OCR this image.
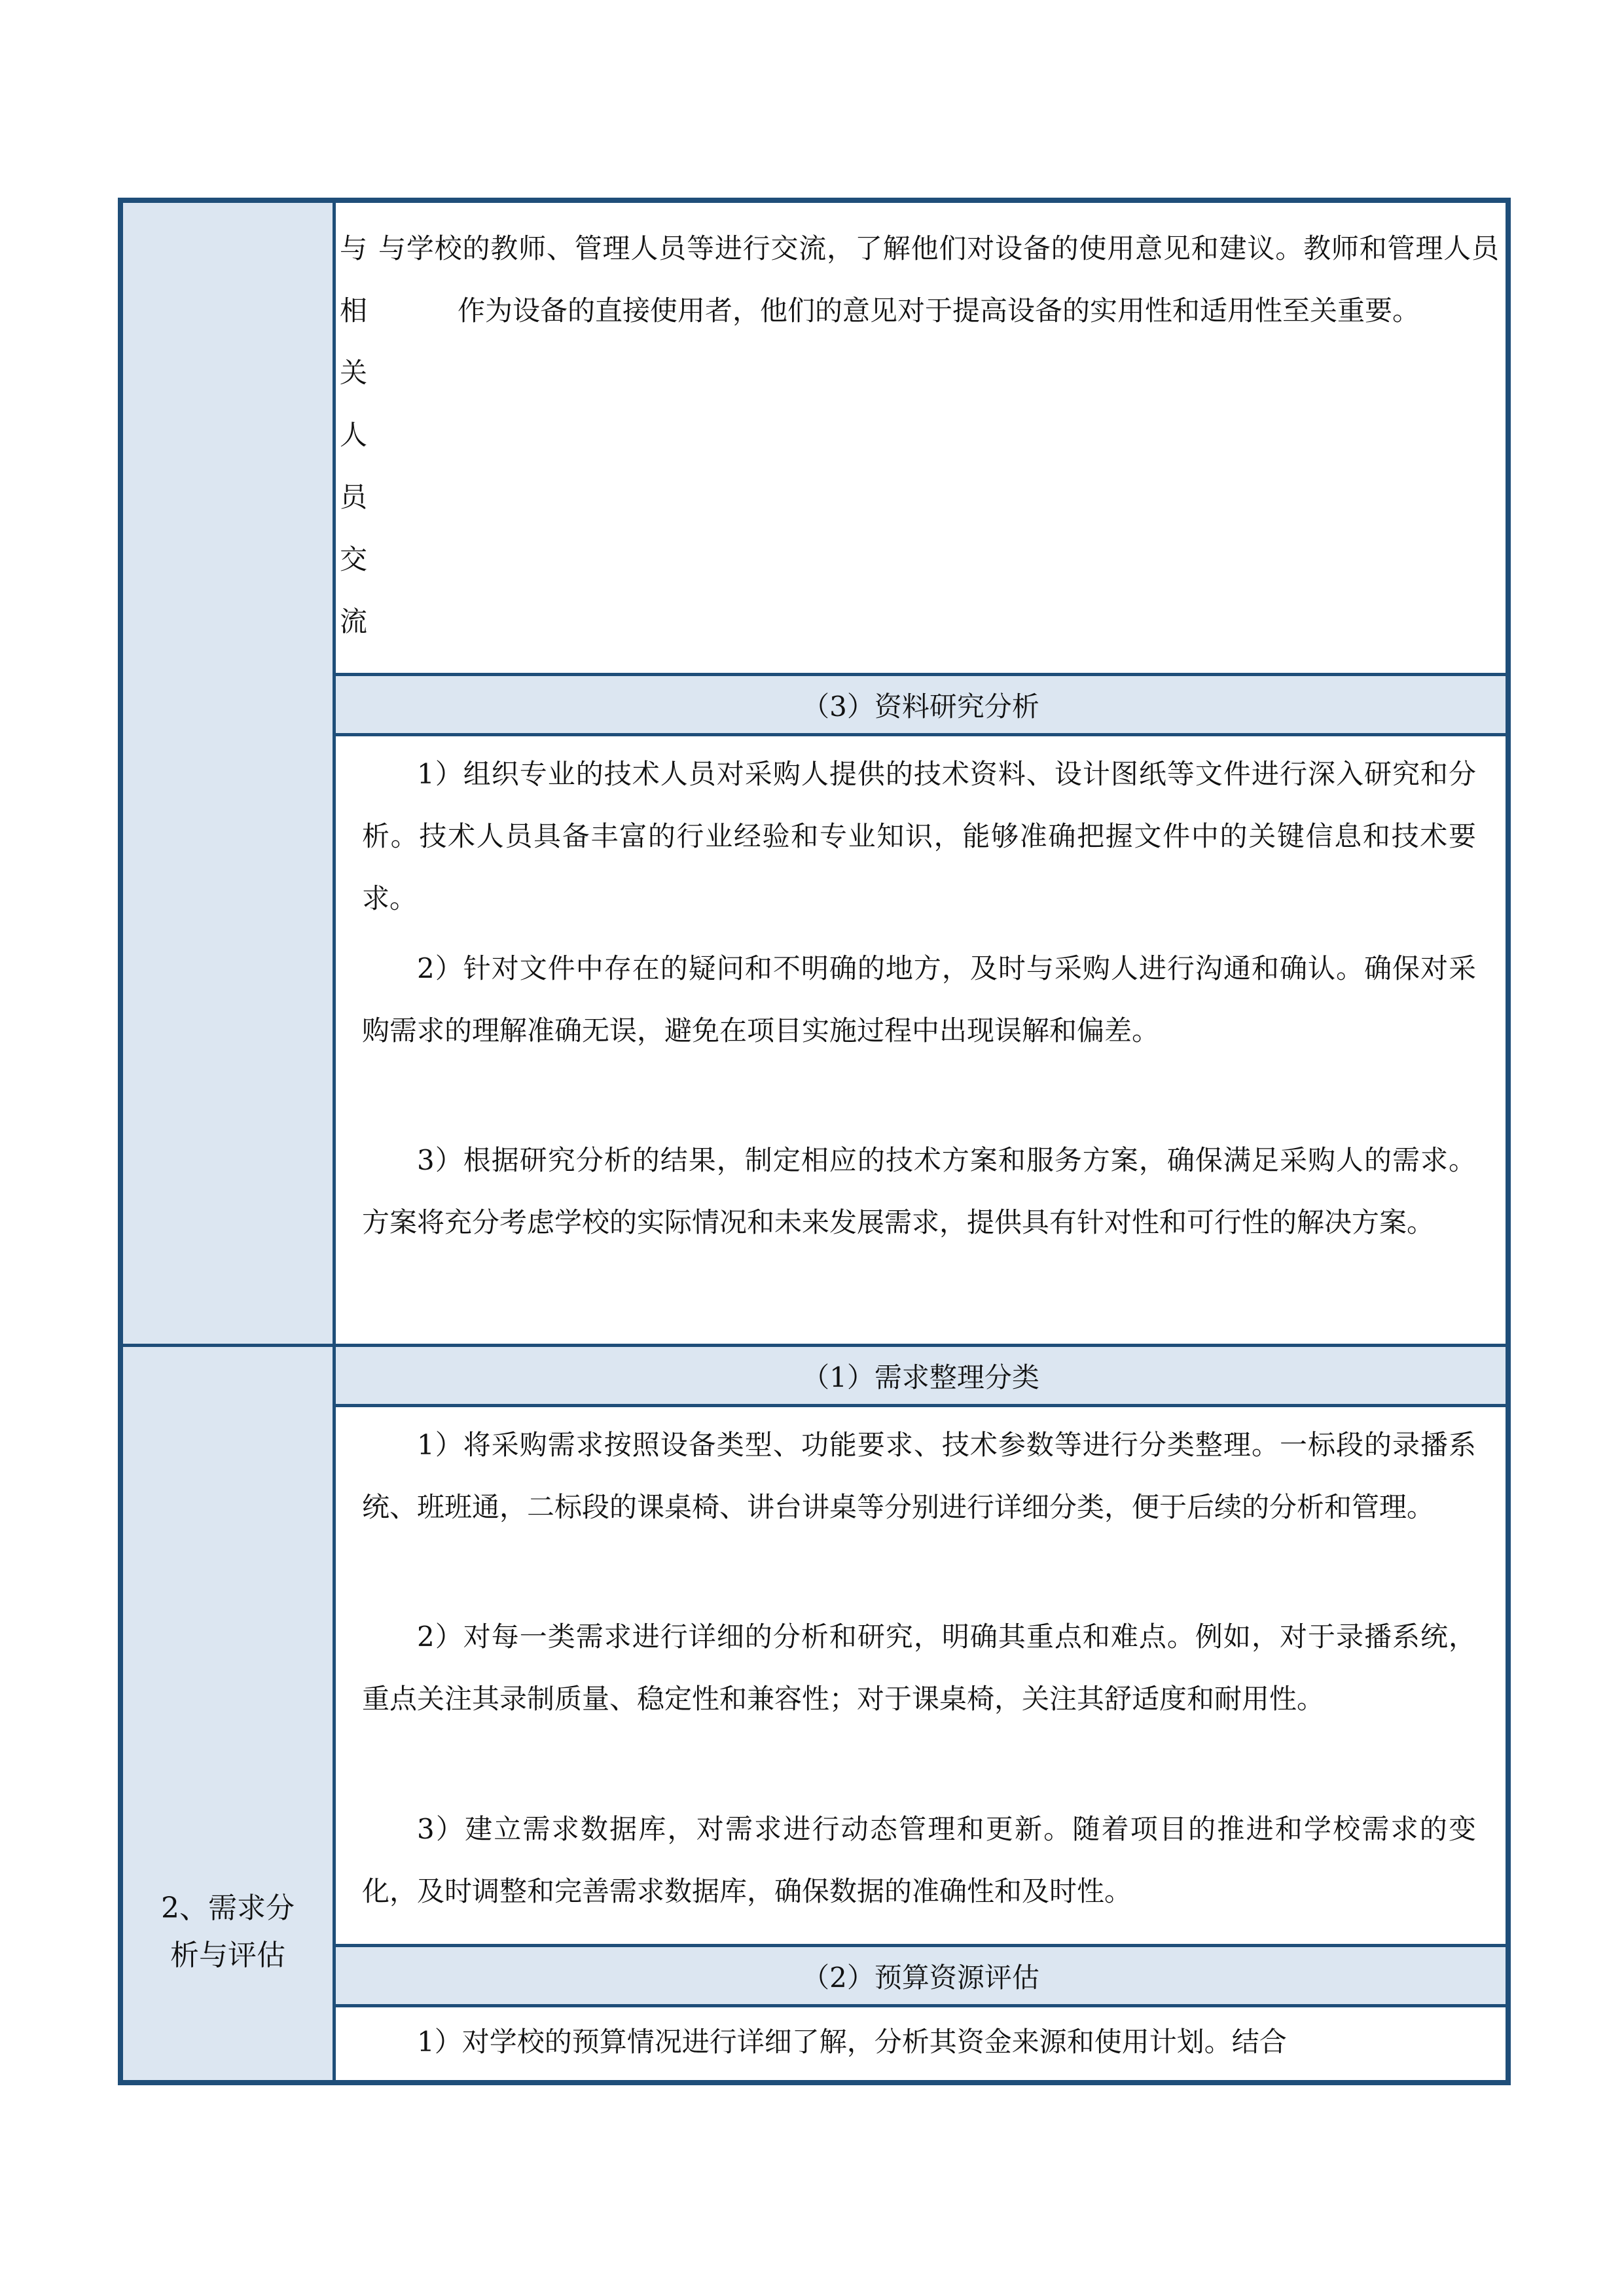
2、需求分
析与评估
与
相
关
人
员
交
流
与学校的教师、管理人员等进行交流，了解他们对设备的使用意见和建议。教师和管理人员作为设备的直接使用者，他们的意见对于提高设备的实用性和适用性至关重要。
（3）资料研究分析

1）组织专业的技术人员对采购人提供的技术资料、设计图纸等文件进行深入研究和分析。技术人员具备丰富的行业经验和专业知识，能够准确把握文件中的关键信息和技术要求。

2）针对文件中存在的疑问和不明确的地方，及时与采购人进行沟通和确认。确保对采购需求的理解准确无误，避免在项目实施过程中出现误解和偏差。

3）根据研究分析的结果，制定相应的技术方案和服务方案，确保满足采购人的需求。方案将充分考虑学校的实际情况和未来发展需求，提供具有针对性和可行性的解决方案。

（1）需求整理分类

1）将采购需求按照设备类型、功能要求、技术参数等进行分类整理。一标段的录播系统、班班通，二标段的课桌椅、讲台讲桌等分别进行详细分类，便于后续的分析和管理。

2）对每一类需求进行详细的分析和研究，明确其重点和难点。例如，对于录播系统，重点关注其录制质量、稳定性和兼容性；对于课桌椅，关注其舒适度和耐用性。

3）建立需求数据库，对需求进行动态管理和更新。随着项目的推进和学校需求的变化，及时调整和完善需求数据库，确保数据的准确性和及时性。

（2）预算资源评估

1）对学校的预算情况进行详细了解，分析其资金来源和使用计划。结合
